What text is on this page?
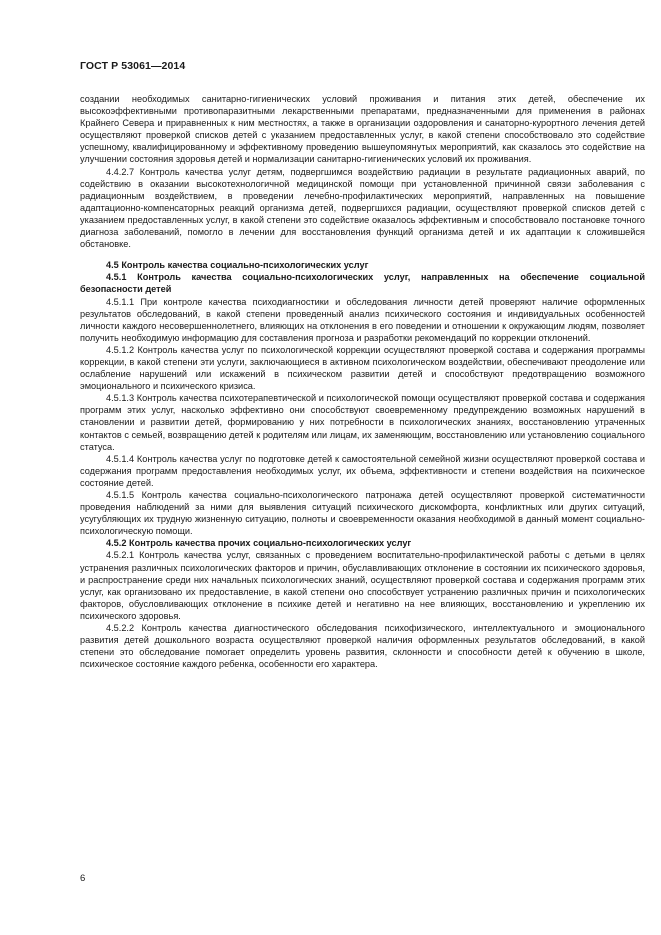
ГОСТ Р 53061—2014

создании необходимых санитарно-гигиенических условий проживания и питания этих детей, обеспечение их высокоэффективными противопаразитными лекарственными препаратами, предназначенными для применения в районах Крайнего Севера и приравненных к ним местностях, а также в организации оздоровления и санаторно-курортного лечения детей осуществляют проверкой списков детей с указанием предоставленных услуг, в какой степени способствовало это содействие успешному, квалифицированному и эффективному проведению вышеупомянутых мероприятий, как сказалось это содействие на улучшении состояния здоровья детей и нормализации санитарно-гигиенических условий их проживания.

4.4.2.7 Контроль качества услуг детям, подвергшимся воздействию радиации в результате радиационных аварий, по содействию в оказании высокотехнологичной медицинской помощи при установленной причинной связи заболевания с радиационным воздействием, в проведении лечебно-профилактических мероприятий, направленных на повышение адаптационно-компенсаторных реакций организма детей, подвергшихся радиации, осуществляют проверкой списков детей с указанием предоставленных услуг, в какой степени это содействие оказалось эффективным и способствовало постановке точного диагноза заболеваний, помогло в лечении для восстановления функций организма детей и их адаптации к сложившейся обстановке.

4.5 Контроль качества социально-психологических услуг

4.5.1 Контроль качества социально-психологических услуг, направленных на обеспечение социальной безопасности детей

4.5.1.1 При контроле качества психодиагностики и обследования личности детей проверяют наличие оформленных результатов обследований, в какой степени проведенный анализ психического состояния и индивидуальных особенностей личности каждого несовершеннолетнего, влияющих на отклонения в его поведении и отношении к окружающим людям, позволяет получить необходимую информацию для составления прогноза и разработки рекомендаций по коррекции отклонений.

4.5.1.2 Контроль качества услуг по психологической коррекции осуществляют проверкой состава и содержания программы коррекции, в какой степени эти услуги, заключающиеся в активном психологическом воздействии, обеспечивают преодоление или ослабление нарушений или искажений в психическом развитии детей и способствуют предотвращению возможного эмоционального и психического кризиса.

4.5.1.3 Контроль качества психотерапевтической и психологической помощи осуществляют проверкой состава и содержания программ этих услуг, насколько эффективно они способствуют своевременному предупреждению возможных нарушений в становлении и развитии детей, формированию у них потребности в психологических знаниях, восстановлению утраченных контактов с семьей, возвращению детей к родителям или лицам, их заменяющим, восстановлению или установлению социального статуса.

4.5.1.4 Контроль качества услуг по подготовке детей к самостоятельной семейной жизни осуществляют проверкой состава и содержания программ предоставления необходимых услуг, их объема, эффективности и степени воздействия на психическое состояние детей.

4.5.1.5 Контроль качества социально-психологического патронажа детей осуществляют проверкой систематичности проведения наблюдений за ними для выявления ситуаций психического дискомфорта, конфликтных или других ситуаций, усугубляющих их трудную жизненную ситуацию, полноты и своевременности оказания необходимой в данный момент социально-психологическую помощи.

4.5.2 Контроль качества прочих социально-психологических услуг

4.5.2.1 Контроль качества услуг, связанных с проведением воспитательно-профилактической работы с детьми в целях устранения различных психологических факторов и причин, обуславливающих отклонение в состоянии их психического здоровья, и распространение среди них начальных психологических знаний, осуществляют проверкой состава и содержания программ этих услуг, как организовано их предоставление, в какой степени оно способствует устранению различных причин и психологических факторов, обусловливающих отклонение в психике детей и негативно на нее влияющих, восстановлению и укреплению их психического здоровья.

4.5.2.2 Контроль качества диагностического обследования психофизического, интеллектуального и эмоционального развития детей дошкольного возраста осуществляют проверкой наличия оформленных результатов обследований, в какой степени это обследование помогает определить уровень развития, склонности и способности детей к обучению в школе, психическое состояние каждого ребенка, особенности его характера.

6
